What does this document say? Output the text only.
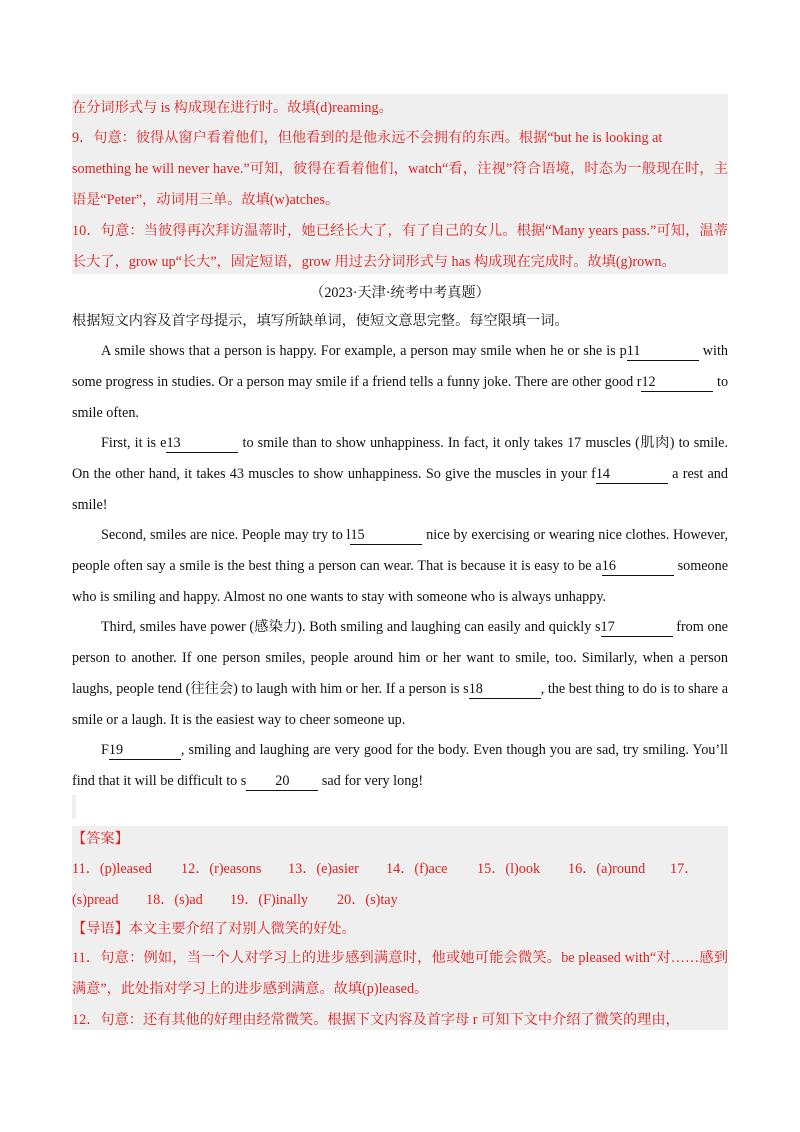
在分词形式与 is 构成现在进行时。故填(d)reaming。
9．句意：彼得从窗户看着他们，但他看到的是他永远不会拥有的东西。根据“but he is looking at
something he will never have.”可知，彼得在看着他们，watch“看，注视”符合语境，时态为一般现在时，主
语是“Peter”，动词用三单。故填(w)atches。
10．句意：当彼得再次拜访温蒂时，她已经长大了，有了自己的女儿。根据“Many years pass.”可知，温蒂
长大了，grow up“长大”，固定短语，grow 用过去分词形式与 has 构成现在完成时。故填(g)rown。
（2023·天津·统考中考真题）
根据短文内容及首字母提示，填写所缺单词，使短文意思完整。每空限填一词。
A smile shows that a person is happy. For example, a person may smile when he or she is p11	with
some progress in studies. Or a person may smile if a friend tells a funny joke. There are other good r12	to
smile often.
First, it is e13	to smile than to show unhappiness. In fact, it only takes 17 muscles (肌肉) to smile.
On the other hand, it takes 43 muscles to show unhappiness. So give the muscles in your f14	a rest and
smile!
Second, smiles are nice. People may try to l15	nice by exercising or wearing nice clothes. However,
people often say a smile is the best thing a person can wear. That is because it is easy to be a16	someone
who is smiling and happy. Almost no one wants to stay with someone who is always unhappy.
Third, smiles have power (感染力). Both smiling and laughing can easily and quickly s17	from one
person to another. If one person smiles, people around him or her want to smile, too. Similarly, when a person
laughs, people tend (往往会) to laugh with him or her. If a person is s18	, the best thing to do is to share a
smile or a laugh. It is the easiest way to cheer someone up.
F19	, smiling and laughing are very good for the body. Even though you are sad, try smiling. You’ll
find that it will be difficult to s 20 sad for very long!
【答案】
11．(p)leased 12．(r)easons 13．(e)asier 14．(f)ace 15．(l)ook 16．(a)round 17．
(s)pread 18．(s)ad 19．(F)inally 20．(s)tay
【导语】本文主要介绍了对别人微笑的好处。
11．句意：例如，当一个人对学习上的进步感到满意时，他或她可能会微笑。be pleased with“对……感到
满意”，此处指对学习上的进步感到满意。故填(p)leased。
12．句意：还有其他的好理由经常微笑。根据下文内容及首字母 r 可知下文中介绍了微笑的理由，
